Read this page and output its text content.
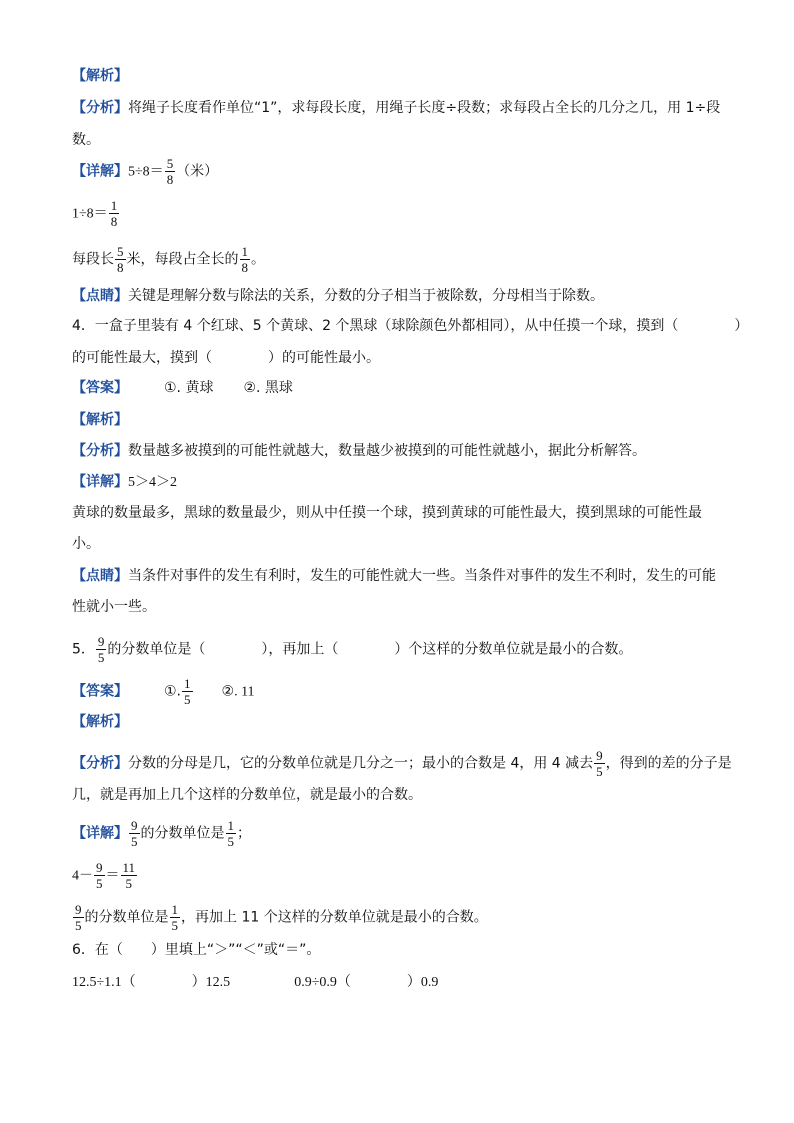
【解析】
【分析】将绳子长度看作单位“1”，求每段长度，用绳子长度÷段数；求每段占全长的几分之几，用 1÷段
数。
【详解】$5\div 8= \frac{5}{8}$ （米）
$1\div 8= \frac{1}{8}$
每段长 $\frac{5}{8}$ 米，每段占全长的 $\frac{1}{8}$ 。
【点睛】关键是理解分数与除法的关系，分数的分子相当于被除数，分母相当于除数。
4．一盒子里装有 4 个红球、5 个黄球、2 个黑球（球除颜色外都相同），从中任摸一个球，摸到（　　　　）
的可能性最大，摸到（　　　　）的可能性最小。
【答案】	①. 黄球 ②. 黑球
【解析】
【分析】数量越多被摸到的可能性就越大，数量越少被摸到的可能性就越小，据此分析解答。
【详解】5＞4＞2
黄球的数量最多，黑球的数量最少，则从中任摸一个球，摸到黄球的可能性最大，摸到黑球的可能性最
小。
【点睛】当条件对事件的发生有利时，发生的可能性就大一些。当条件对事件的发生不利时，发生的可能
性就小一些。
5． $\frac{9}{5}$ 的分数单位是（　　　　），再加上（　　　　）个这样的分数单位就是最小的合数。
【答案】	①. $\frac{1}{5}$ ②. 11
【解析】
【分析】分数的分母是几，它的分数单位就是几分之一；最小的合数是 4，用 4 减去 $\frac{9}{5}$ ，得到的差的分子是
几，就是再加上几个这样的分数单位，就是最小的合数。
【详解】 $\frac{9}{5}$ 的分数单位是 $\frac{1}{5}$ ；
$4- \frac{9}{5} = \frac{11}{5}$
$\frac{9}{5}$ 的分数单位是 $\frac{1}{5}$ ，再加上 11 个这样的分数单位就是最小的合数。
6．在（　　）里填上“＞”“＜”或“＝”。
12.5÷1.1（　　　　）12.5	0.9÷0.9（　　　　）0.9
